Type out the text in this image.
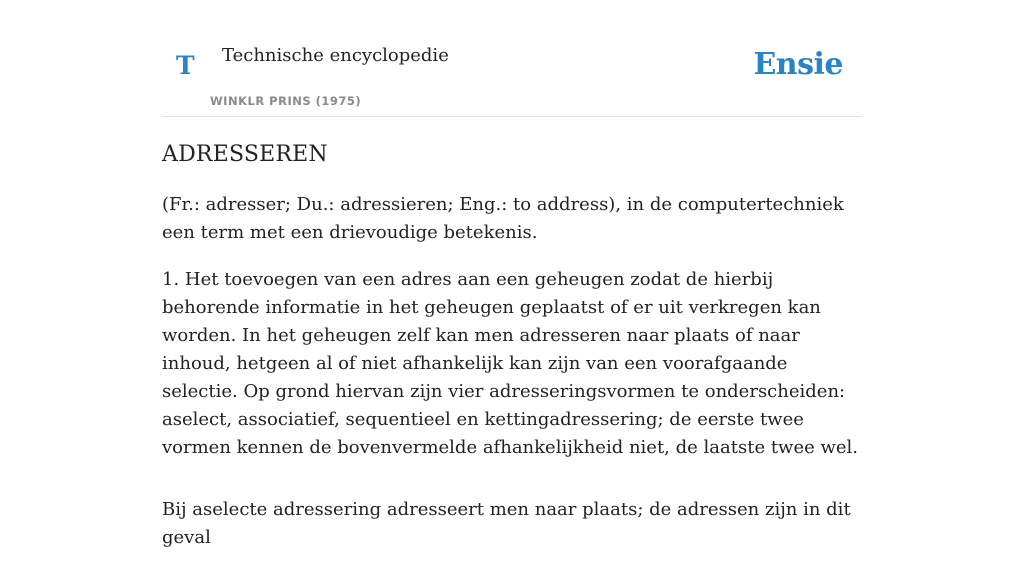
T Technische encyclopedie
WINKLR PRINS (1975)
Ensie
ADRESSEREN

(Fr.: adresser; Du.: adressieren; Eng.: to address), in de computertechniek een term met een drievoudige betekenis.

1. Het toevoegen van een adres aan een geheugen zodat de hierbij behorende informatie in het geheugen geplaatst of er uit verkregen kan worden. In het geheugen zelf kan men adresseren naar plaats of naar inhoud, hetgeen al of niet afhankelijk kan zijn van een voorafgaande selectie. Op grond hiervan zijn vier adresseringsvormen te onderscheiden: aselect, associatief, sequentieel en kettingadressering; de eerste twee vormen kennen de bovenvermelde afhankelijkheid niet, de laatste twee wel.

Bij aselecte adressering adresseert men naar plaats; de adressen zijn in dit geval
